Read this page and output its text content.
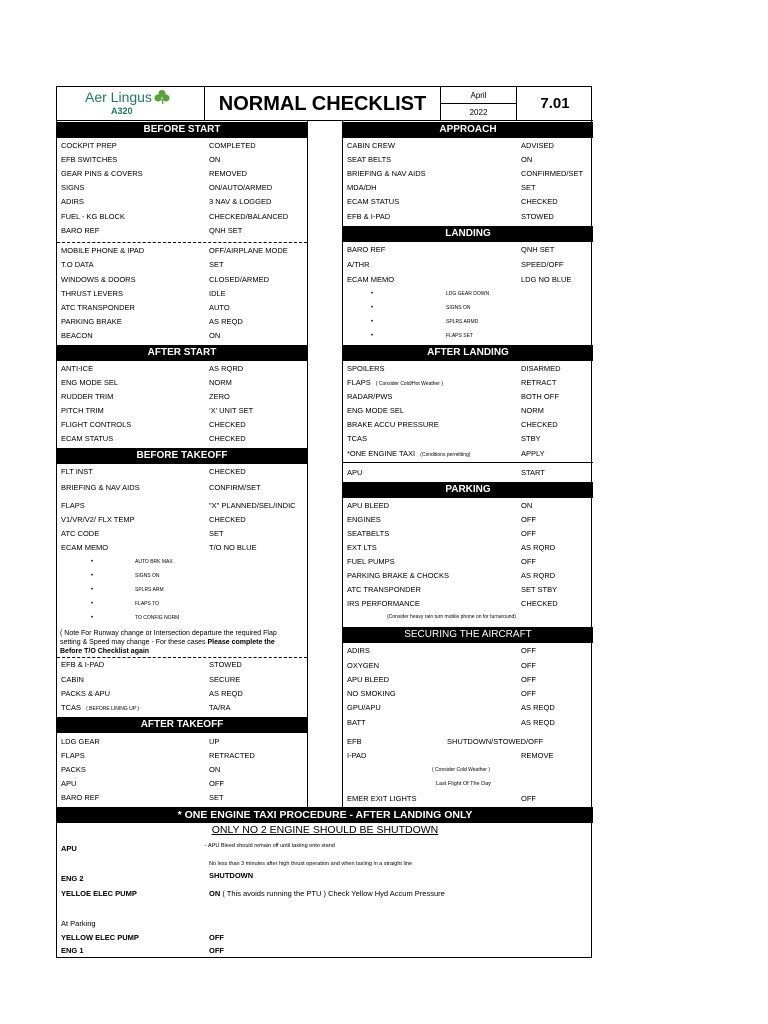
Aer Lingus
A320	NORMAL CHECKLIST	April
2022
7.01
BEFORE START
COCKPIT PREP	COMPLETED
EFB SWITCHES	ON
GEAR PINS & COVERS	REMOVED
SIGNS	ON/AUTO/ARMED
ADIRS	3 NAV & LOGGED
FUEL - KG BLOCK	CHECKED/BALANCED
BARO REF	QNH SET
MOBILE PHONE & IPAD	OFF/AIRPLANE MODE
T.O DATA	SET
WINDOWS & DOORS	CLOSED/ARMED
THRUST LEVERS	IDLE
ATC TRANSPONDER	AUTO
PARKING BRAKE	AS REQD
BEACON	ON
AFTER START
ANTI-ICE	AS RQRD
ENG MODE SEL	NORM
RUDDER TRIM	ZERO
PITCH TRIM	‘X’ UNIT SET
FLIGHT CONTROLS	CHECKED
ECAM STATUS	CHECKED
BEFORE TAKEOFF
FLT INST	CHECKED
BRIEFING & NAV AIDS	CONFIRM/SET
FLAPS	"X" PLANNED/SEL/INDIC
V1/VR/V2/ FLX TEMP	CHECKED
ATC CODE	SET
ECAM MEMO	T/O NO BLUE
•	AUTO BRK MAX
•	SIGNS ON
•	SPLRS ARM
•	FLAPS TO
•	TO CONFIG NORM
( Note For Runway change or Intersection departure the required Flap
setting & Speed may change - For these cases Please complete the
Before T/O Checklist again
EFB & I-PAD	STOWED
CABIN	SECURE
PACKS & APU	AS REQD
TCAS ( BEFORE LINING UP )	TA/RA
AFTER TAKEOFF
LDG GEAR	UP
FLAPS	RETRACTED
PACKS	ON
APU	OFF
BARO REF	SET
APPROACH
CABIN CREW	ADVISED
SEAT BELTS	ON
BRIEFING & NAV AIDS	CONFIRMED/SET
MDA/DH	SET
ECAM STATUS	CHECKED
EFB & I-PAD	STOWED
LANDING
BARO REF	QNH SET
A/THR	SPEED/OFF
ECAM MEMO	LDG NO BLUE
•	LDG GEAR DOWN
•	SIGNS ON
•	SPLRS ARMD
•	FLAPS SET
AFTER LANDING
SPOILERS	DISARMED
FLAPS ( Consider Cold/Hot Weather )	RETRACT
RADAR/PWS	BOTH OFF
ENG MODE SEL	NORM
BRAKE ACCU PRESSURE	CHECKED
TCAS	STBY
*ONE ENGINE TAXI (Conditions permitting)	APPLY
APU	START
PARKING
APU BLEED	ON
ENGINES	OFF
SEATBELTS	OFF
EXT LTS	AS RQRD
FUEL PUMPS	OFF
PARKING BRAKE & CHOCKS	AS RQRD
ATC TRANSPONDER	SET STBY
IRS PERFORMANCE	CHECKED
(Consider heavy rain turn mobile phone on for turnaround)
SECURING THE AIRCRAFT
ADIRS	OFF
OXYGEN	OFF
APU BLEED	OFF
NO SMOKING	OFF
GPU/APU	AS REQD
BATT	AS REQD
EFB	SHUTDOWN/STOWED/OFF
I-PAD	REMOVE
( Consider Cold Weather )
Last Flight Of The Day
EMER EXIT LIGHTS	OFF
* ONE ENGINE TAXI PROCEDURE - AFTER LANDING ONLY
ONLY NO 2 ENGINE SHOULD BE SHUTDOWN
APU	- APU Bleed should remain off until taxiing onto stand
No less than 3 minutes after high thrust operation and when taxiing in a straight line
ENG 2	SHUTDOWN
YELLOE ELEC PUMP	ON ( This avoids running the PTU ) Check Yellow Hyd Accum Pressure
At Parking
YELLOW ELEC PUMP	OFF
ENG 1	OFF
